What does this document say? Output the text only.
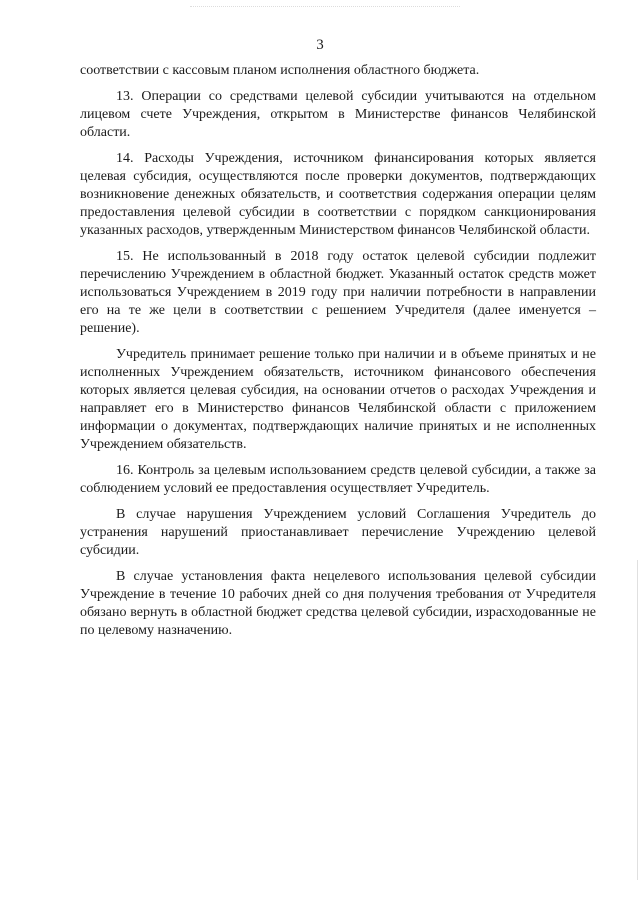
3

соответствии с кассовым планом исполнения областного бюджета.

13. Операции со средствами целевой субсидии учитываются на отдельном лицевом счете Учреждения, открытом в Министерстве финансов Челябинской области.

14. Расходы Учреждения, источником финансирования которых является целевая субсидия, осуществляются после проверки документов, подтверждающих возникновение денежных обязательств, и соответствия содержания операции целям предоставления целевой субсидии в соответствии с порядком санкционирования указанных расходов, утвержденным Министерством финансов Челябинской области.

15. Не использованный в 2018 году остаток целевой субсидии подлежит перечислению Учреждением в областной бюджет. Указанный остаток средств может использоваться Учреждением в 2019 году при наличии потребности в направлении его на те же цели в соответствии с решением Учредителя (далее именуется – решение).

Учредитель принимает решение только при наличии и в объеме принятых и не исполненных Учреждением обязательств, источником финансового обеспечения которых является целевая субсидия, на основании отчетов о расходах Учреждения и направляет его в Министерство финансов Челябинской области с приложением информации о документах, подтверждающих наличие принятых и не исполненных Учреждением обязательств.

16. Контроль за целевым использованием средств целевой субсидии, а также за соблюдением условий ее предоставления осуществляет Учредитель.

В случае нарушения Учреждением условий Соглашения Учредитель до устранения нарушений приостанавливает перечисление Учреждению целевой субсидии.

В случае установления факта нецелевого использования целевой субсидии Учреждение в течение 10 рабочих дней со дня получения требования от Учредителя обязано вернуть в областной бюджет средства целевой субсидии, израсходованные не по целевому назначению.
